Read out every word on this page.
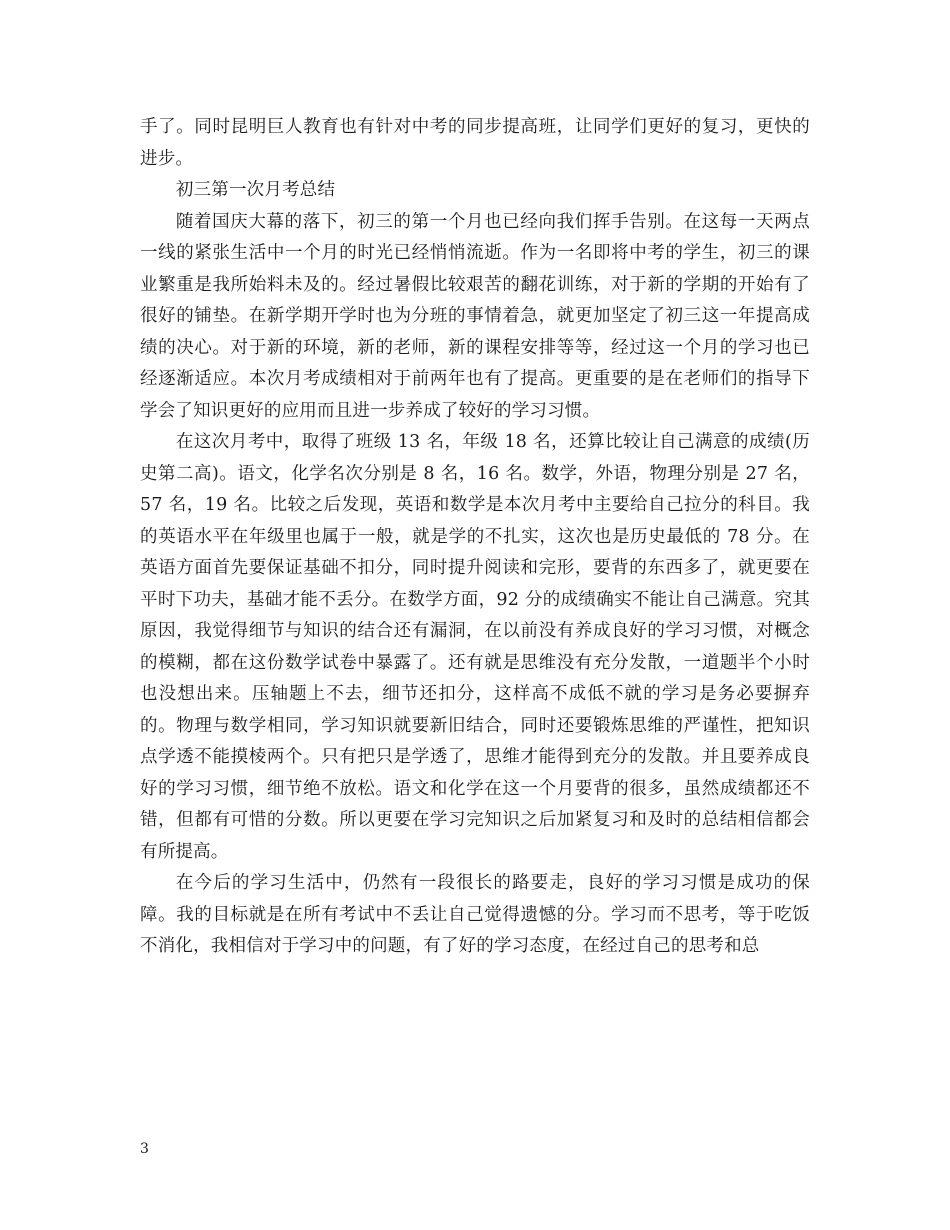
手了。同时昆明巨人教育也有针对中考的同步提高班，让同学们更好的复习，更快的进步。

初三第一次月考总结

随着国庆大幕的落下，初三的第一个月也已经向我们挥手告别。在这每一天两点一线的紧张生活中一个月的时光已经悄悄流逝。作为一名即将中考的学生，初三的课业繁重是我所始料未及的。经过暑假比较艰苦的翻花训练，对于新的学期的开始有了很好的铺垫。在新学期开学时也为分班的事情着急，就更加坚定了初三这一年提高成绩的决心。对于新的环境，新的老师，新的课程安排等等，经过这一个月的学习也已经逐渐适应。本次月考成绩相对于前两年也有了提高。更重要的是在老师们的指导下学会了知识更好的应用而且进一步养成了较好的学习习惯。

在这次月考中，取得了班级 13 名，年级 18 名，还算比较让自己满意的成绩(历史第二高)。语文，化学名次分别是 8 名，16 名。数学，外语，物理分别是 27 名，57 名，19 名。比较之后发现，英语和数学是本次月考中主要给自己拉分的科目。我的英语水平在年级里也属于一般，就是学的不扎实，这次也是历史最低的 78 分。在英语方面首先要保证基础不扣分，同时提升阅读和完形，要背的东西多了，就更要在平时下功夫，基础才能不丢分。在数学方面，92 分的成绩确实不能让自己满意。究其原因，我觉得细节与知识的结合还有漏洞，在以前没有养成良好的学习习惯，对概念的模糊，都在这份数学试卷中暴露了。还有就是思维没有充分发散，一道题半个小时也没想出来。压轴题上不去，细节还扣分，这样高不成低不就的学习是务必要摒弃的。物理与数学相同，学习知识就要新旧结合，同时还要锻炼思维的严谨性，把知识点学透不能摸棱两个。只有把只是学透了，思维才能得到充分的发散。并且要养成良好的学习习惯，细节绝不放松。语文和化学在这一个月要背的很多，虽然成绩都还不错，但都有可惜的分数。所以更要在学习完知识之后加紧复习和及时的总结相信都会有所提高。

在今后的学习生活中，仍然有一段很长的路要走，良好的学习习惯是成功的保障。我的目标就是在所有考试中不丢让自己觉得遗憾的分。学习而不思考，等于吃饭不消化，我相信对于学习中的问题，有了好的学习态度，在经过自己的思考和总

3
